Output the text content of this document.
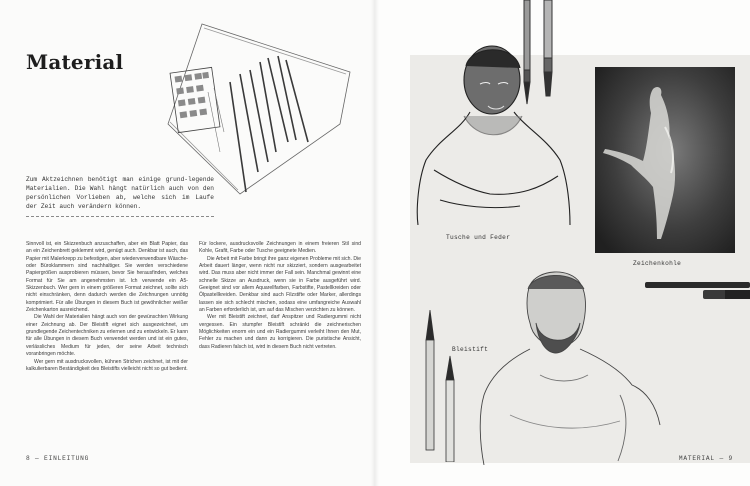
Material

Zum Aktzeichnen benötigt man einige grund-legende Materialien. Die Wahl hängt natürlich auch von den persönlichen Vorlieben ab, welche sich im Laufe der Zeit auch verändern können.

Sinnvoll ist, ein Skizzenbuch anzuschaffen, aber ein Blatt Papier, das an ein Zeichenbrett geklemmt wird, genügt auch. Denkbar ist auch, das Papier mit Malerkrepp zu befestigen, aber wiederverwendbare Wäsche- oder Büroklammern sind nachhaltiger. Sie werden verschiedene Papiergrößen ausprobieren müssen, bevor Sie herausfinden, welches Format für Sie am angenehmsten ist. Ich verwende ein A5-Skizzenbuch. Wer gern in einem größeren Format zeichnet, sollte sich nicht einschränken, denn dadurch werden die Zeichnungen unnötig komprimiert. Für alle Übungen in diesem Buch ist gewöhnlicher weißer Zeichenkarton ausreichend.

Die Wahl der Materialien hängt auch von der gewünschten Wirkung einer Zeichnung ab. Der Bleistift eignet sich ausgezeichnet, um grundlegende Zeichentechniken zu erlernen und zu entwickeln. Er kann für alle Übungen in diesem Buch verwendet werden und ist ein gutes, verlässliches Medium für jeden, der seine Arbeit technisch voranbringen möchte.

Wer gern mit ausdrucksvollen, kühnen Strichen zeichnet, ist mit der kalkulierbaren Beständigkeit des Bleistifts vielleicht nicht so gut bedient.

Für lockere, ausdrucksvolle Zeichnungen in einem freieren Stil sind Kohle, Grafit, Farbe oder Tusche geeignete Medien.

Die Arbeit mit Farbe bringt ihre ganz eigenen Probleme mit sich. Die Arbeit dauert länger, wenn nicht nur skizziert, sondern ausgearbeitet wird. Das muss aber nicht immer der Fall sein. Manchmal gewinnt eine schnelle Skizze an Ausdruck, wenn sie in Farbe ausgeführt wird. Geeignet sind vor allem Aquarellfarben, Farbstifte, Pastellkreiden oder Ölpastellkreiden. Denkbar sind auch Filzstifte oder Marker, allerdings lassen sie sich schlecht mischen, sodass eine umfangreiche Auswahl an Farben erforderlich ist, um auf das Mischen verzichten zu können.

Wer mit Bleistift zeichnet, darf Anspitzer und Radiergummi nicht vergessen. Ein stumpfer Bleistift schränkt die zeichnerischen Möglichkeiten enorm ein und ein Radiergummi verleiht Ihnen den Mut, Fehler zu machen und dann zu korrigieren. Die puristische Ansicht, dass Radieren falsch ist, wird in diesem Buch nicht vertreten.

8 — EINLEITUNG
Tusche und Feder
Zeichenkohle
Bleistift
MATERIAL — 9
